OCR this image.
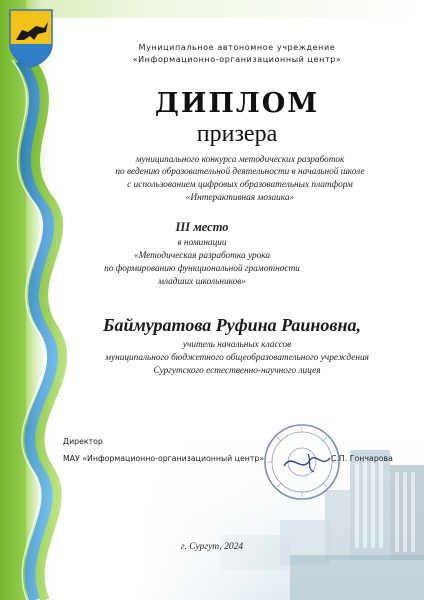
Муниципальное автономное учреждение
«Информационно-организационный центр»
ДИПЛОМ
призера
муниципального конкурса методических разработок
по ведению образовательной деятельности в начальной школе
с использованием цифровых образовательных платформ
«Интерактивная мозаика»
III место
в номинации
«Методическая разработка урока
по формированию функциональной грамотности
младших школьников»
Баймуратова Руфина Раиновна,
учитель начальных классов
муниципального бюджетного общеобразовательного учреждения
Сургутского естественно-научного лицея
Директор
МАУ «Информационно-организационный центр»	С.П. Гончарова
г. Сургут, 2024
